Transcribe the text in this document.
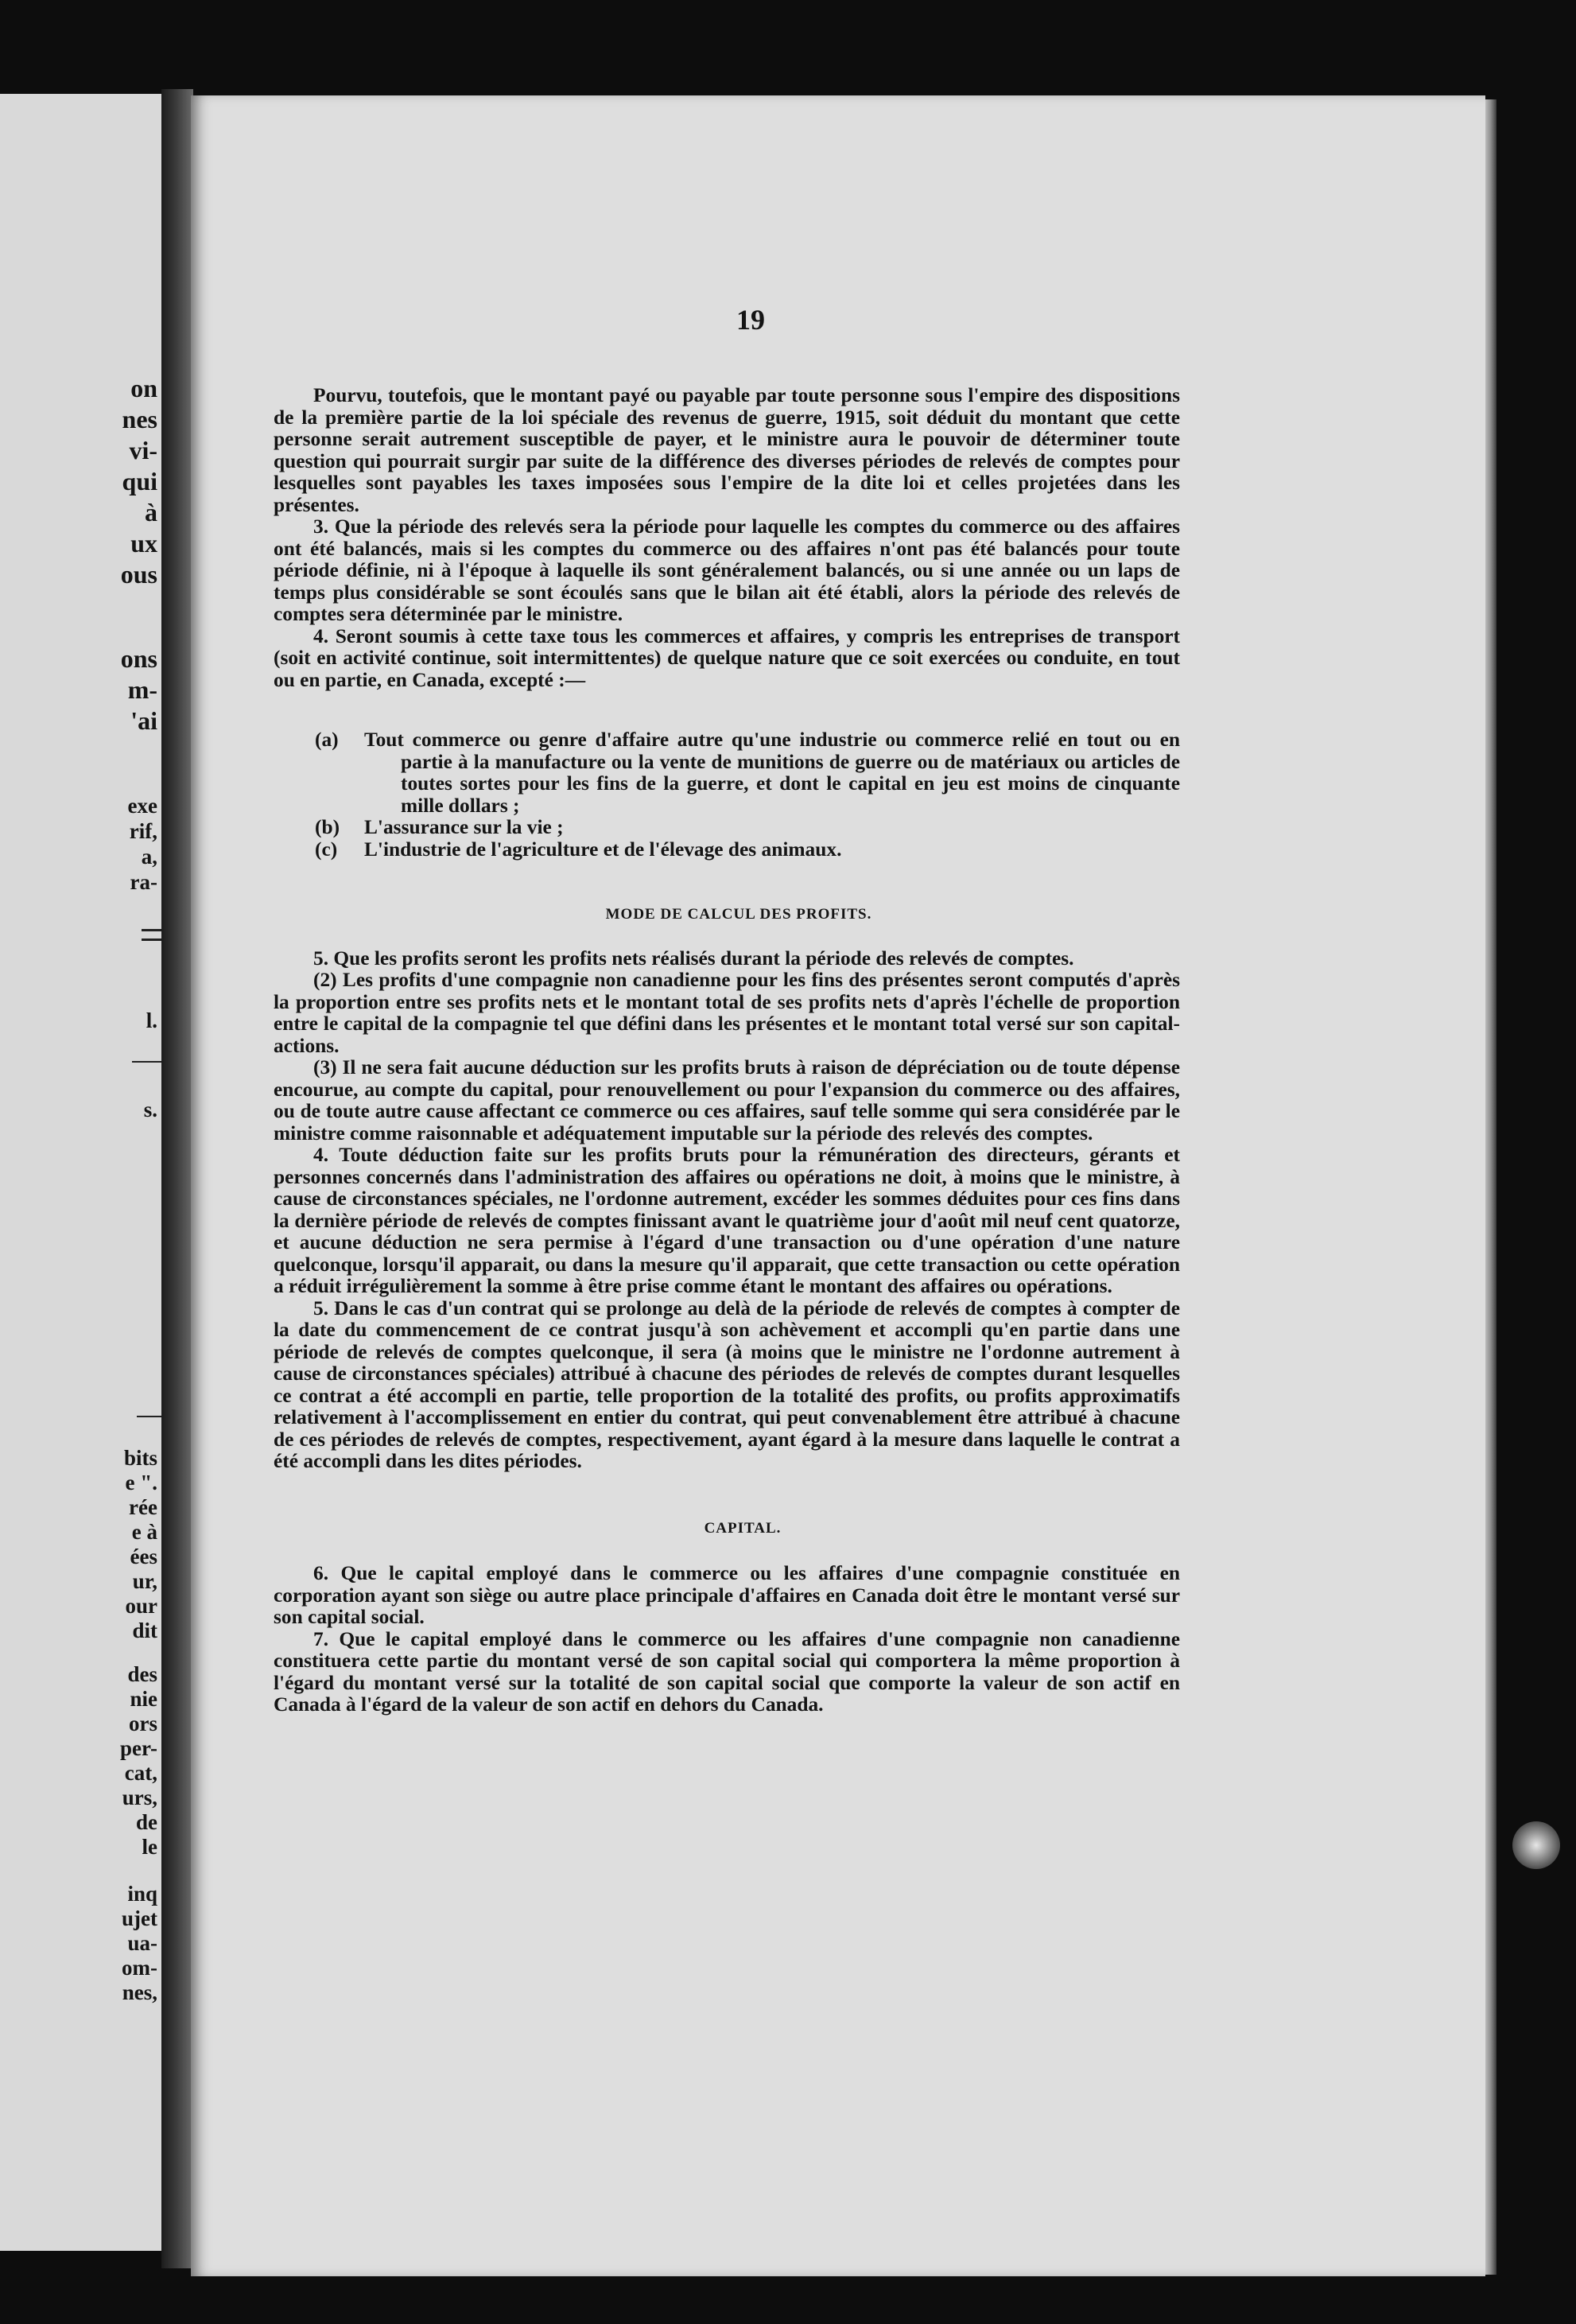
on
nes
vi-
qui
à
ux
ous
ons
m-
'ai
exe
rif,
a,
ra-
l.
s.
bits
e ".
rée
e à
ées
ur,
our
dit
des
nie
ors
per-
cat,
urs,
de
le
inq
ujet
ua-
om-
nes,
19

Pourvu, toutefois, que le montant payé ou payable par toute personne sous l'empire des dispositions de la première partie de la loi spéciale des revenus de guerre, 1915, soit déduit du montant que cette personne serait autrement susceptible de payer, et le ministre aura le pouvoir de déterminer toute question qui pourrait surgir par suite de la différence des diverses périodes de relevés de comptes pour lesquelles sont payables les taxes imposées sous l'empire de la dite loi et celles projetées dans les présentes.

3. Que la période des relevés sera la période pour laquelle les comptes du commerce ou des affaires ont été balancés, mais si les comptes du commerce ou des affaires n'ont pas été balancés pour toute période définie, ni à l'époque à laquelle ils sont généralement balancés, ou si une année ou un laps de temps plus considérable se sont écoulés sans que le bilan ait été établi, alors la période des relevés de comptes sera déterminée par le ministre.

4. Seront soumis à cette taxe tous les commerces et affaires, y compris les entreprises de transport (soit en activité continue, soit intermittentes) de quelque nature que ce soit exercées ou conduite, en tout ou en partie, en Canada, excepté :—

(a)	Tout commerce ou genre d'affaire autre qu'une industrie ou commerce relié en tout ou en partie à la manufacture ou la vente de munitions de guerre ou de matériaux ou articles de toutes sortes pour les fins de la guerre, et dont le capital en jeu est moins de cinquante mille dollars ;
(b)	L'assurance sur la vie ;
(c)	L'industrie de l'agriculture et de l'élevage des animaux.
MODE DE CALCUL DES PROFITS.

5. Que les profits seront les profits nets réalisés durant la période des relevés de comptes.

(2) Les profits d'une compagnie non canadienne pour les fins des présentes seront computés d'après la proportion entre ses profits nets et le montant total de ses profits nets d'après l'échelle de proportion entre le capital de la compagnie tel que défini dans les présentes et le montant total versé sur son capital-actions.

(3) Il ne sera fait aucune déduction sur les profits bruts à raison de dépréciation ou de toute dépense encourue, au compte du capital, pour renouvellement ou pour l'expansion du commerce ou des affaires, ou de toute autre cause affectant ce commerce ou ces affaires, sauf telle somme qui sera considérée par le ministre comme raisonnable et adéquatement imputable sur la période des relevés des comptes.

4. Toute déduction faite sur les profits bruts pour la rémunération des directeurs, gérants et personnes concernés dans l'administration des affaires ou opérations ne doit, à moins que le ministre, à cause de circonstances spéciales, ne l'ordonne autrement, excéder les sommes déduites pour ces fins dans la dernière période de relevés de comptes finissant avant le quatrième jour d'août mil neuf cent quatorze, et aucune déduction ne sera permise à l'égard d'une transaction ou d'une opération d'une nature quelconque, lorsqu'il apparait, ou dans la mesure qu'il apparait, que cette transaction ou cette opération a réduit irrégulièrement la somme à être prise comme étant le montant des affaires ou opérations.

5. Dans le cas d'un contrat qui se prolonge au delà de la période de relevés de comptes à compter de la date du commencement de ce contrat jusqu'à son achèvement et accompli qu'en partie dans une période de relevés de comptes quelconque, il sera (à moins que le ministre ne l'ordonne autrement à cause de circonstances spéciales) attribué à chacune des périodes de relevés de comptes durant lesquelles ce contrat a été accompli en partie, telle proportion de la totalité des profits, ou profits approximatifs relativement à l'accomplissement en entier du contrat, qui peut convenablement être attribué à chacune de ces périodes de relevés de comptes, respectivement, ayant égard à la mesure dans laquelle le contrat a été accompli dans les dites périodes.

CAPITAL.

6. Que le capital employé dans le commerce ou les affaires d'une compagnie constituée en corporation ayant son siège ou autre place principale d'affaires en Canada doit être le montant versé sur son capital social.

7. Que le capital employé dans le commerce ou les affaires d'une compagnie non canadienne constituera cette partie du montant versé de son capital social qui comportera la même proportion à l'égard du montant versé sur la totalité de son capital social que comporte la valeur de son actif en Canada à l'égard de la valeur de son actif en dehors du Canada.
